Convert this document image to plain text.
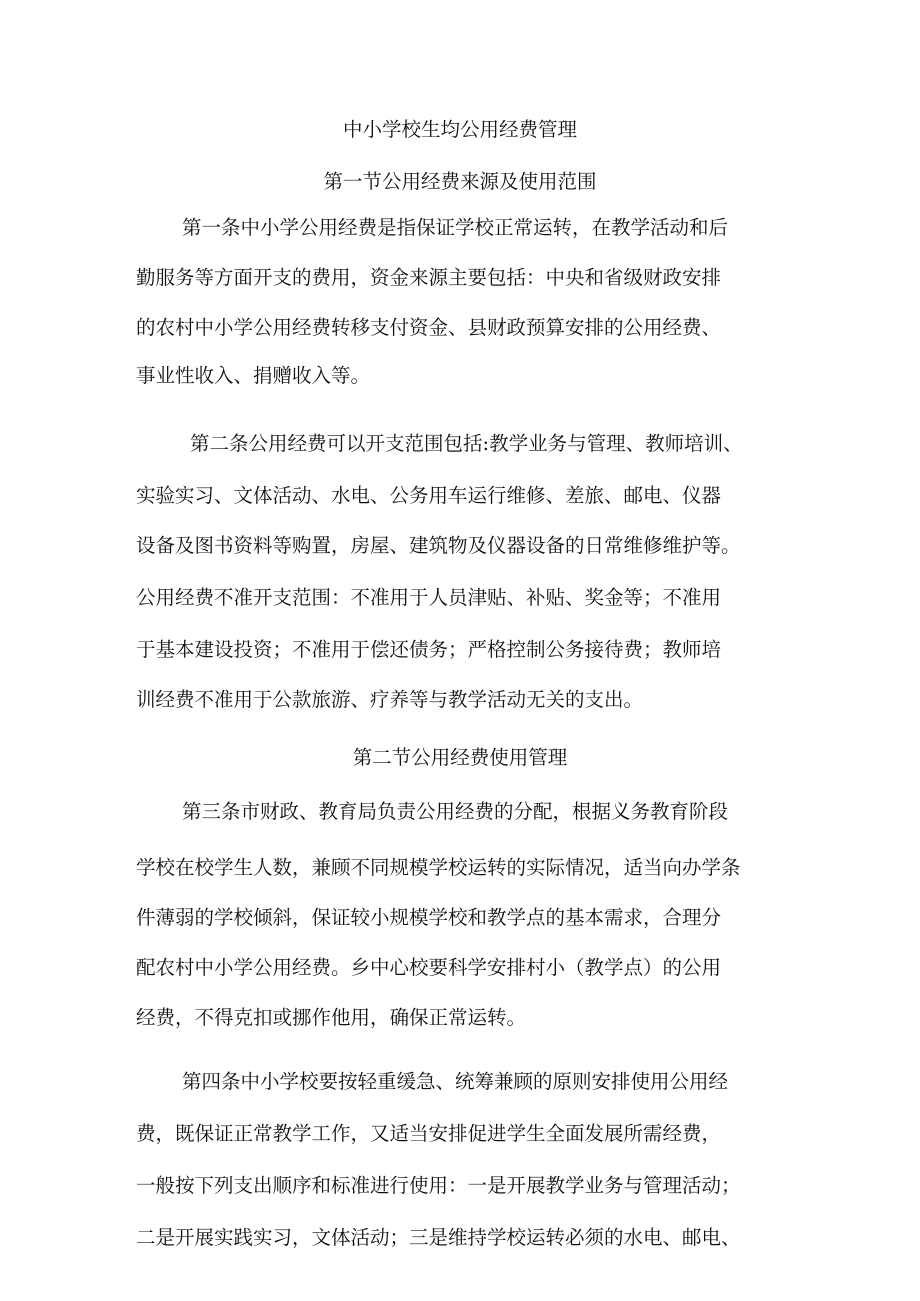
中小学校生均公用经费管理
第一节公用经费来源及使用范围
第一条中小学公用经费是指保证学校正常运转，在教学活动和后
勤服务等方面开支的费用，资金来源主要包括：中央和省级财政安排
的农村中小学公用经费转移支付资金、县财政预算安排的公用经费、
事业性收入、捐赠收入等。
第二条公用经费可以开支范围包括:教学业务与管理、教师培训、
实验实习、文体活动、水电、公务用车运行维修、差旅、邮电、仪器
设备及图书资料等购置，房屋、建筑物及仪器设备的日常维修维护等。
公用经费不准开支范围：不准用于人员津贴、补贴、奖金等；不准用
于基本建设投资；不准用于偿还债务；严格控制公务接待费；教师培
训经费不准用于公款旅游、疗养等与教学活动无关的支出。
第二节公用经费使用管理
第三条市财政、教育局负责公用经费的分配，根据义务教育阶段
学校在校学生人数，兼顾不同规模学校运转的实际情况，适当向办学条
件薄弱的学校倾斜，保证较小规模学校和教学点的基本需求，合理分
配农村中小学公用经费。乡中心校要科学安排村小（教学点）的公用
经费，不得克扣或挪作他用，确保正常运转。
第四条中小学校要按轻重缓急、统筹兼顾的原则安排使用公用经
费，既保证正常教学工作，又适当安排促进学生全面发展所需经费，
一般按下列支出顺序和标准进行使用：一是开展教学业务与管理活动；
二是开展实践实习，文体活动；三是维持学校运转必须的水电、邮电、
